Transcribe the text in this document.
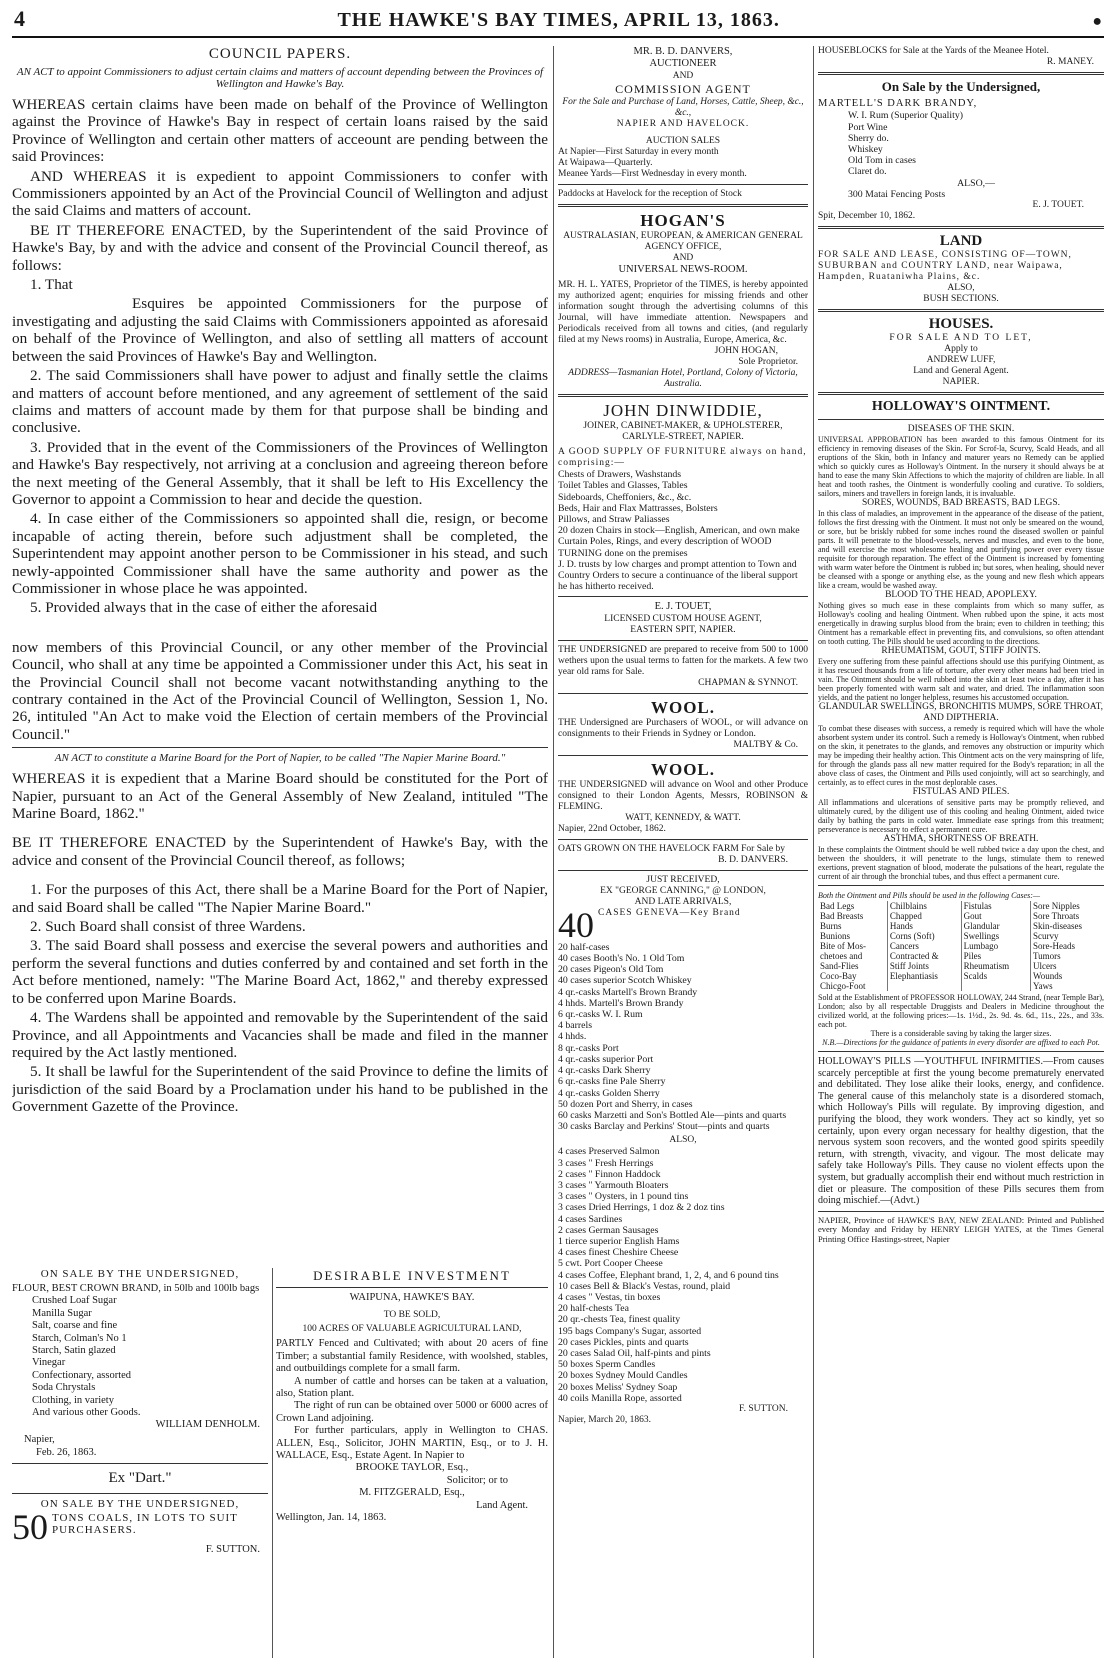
4	THE HAWKE'S BAY TIMES, APRIL 13, 1863.	●
COUNCIL PAPERS.
AN ACT to appoint Commissioners to adjust certain claims and matters of account depending between the Provinces of Wellington and Hawke's Bay.
WHEREAS certain claims have been made on behalf of the Province of Wellington against the Province of Hawke's Bay in respect of certain loans raised by the said Province of Wellington and certain other matters of acceount are pending between the said Provinces:
AND WHEREAS it is expedient to appoint Commissioners to confer with Commissioners appointed by an Act of the Provincial Council of Wellington and adjust the said Claims and matters of account.
BE IT THEREFORE ENACTED, by the Superintendent of the said Province of Hawke's Bay, by and with the advice and consent of the Provincial Council thereof, as follows:
1. That
Esquires be appointed Commissioners for the purpose of investigating and adjusting the said Claims with Commissioners appointed as aforesaid on behalf of the Province of Wellington, and also of settling all matters of account between the said Provinces of Hawke's Bay and Wellington.
2. The said Commissioners shall have power to adjust and finally settle the claims and matters of account before mentioned, and any agreement of settlement of the said claims and matters of account made by them for that purpose shall be binding and conclusive.
3. Provided that in the event of the Commissioners of the Provinces of Wellington and Hawke's Bay respectively, not arriving at a conclusion and agreeing thereon before the next meeting of the General Assembly, that it shall be left to His Excellency the Governor to appoint a Commission to hear and decide the question.
4. In case either of the Commissioners so appointed shall die, resign, or become incapable of acting therein, before such adjustment shall be completed, the Superintendent may appoint another person to be Commissioner in his stead, and such newly-appointed Commissioner shall have the same authority and power as the Commissioner in whose place he was appointed.
5. Provided always that in the case of either the aforesaid
now members of this Provincial Council, or any other member of the Provincial Council, who shall at any time be appointed a Commissioner under this Act, his seat in the Provincial Council shall not become vacant notwithstanding anything to the contrary contained in the Act of the Provincial Council of Wellington, Session 1, No. 26, intituled "An Act to make void the Election of certain members of the Provincial Council."
AN ACT to constitute a Marine Board for the Port of Napier, to be called "The Napier Marine Board."
WHEREAS it is expedient that a Marine Board should be constituted for the Port of Napier, pursuant to an Act of the General Assembly of New Zealand, intituled "The Marine Board, 1862."
BE IT THEREFORE ENACTED by the Superintendent of Hawke's Bay, with the advice and consent of the Provincial Council thereof, as follows;
1. For the purposes of this Act, there shall be a Marine Board for the Port of Napier, and said Board shall be called "The Napier Marine Board."
2. Such Board shall consist of three Wardens.
3. The said Board shall possess and exercise the several powers and authorities and perform the several functions and duties conferred by and contained and set forth in the Act before mentioned, namely: "The Marine Board Act, 1862," and thereby expressed to be conferred upon Marine Boards.
4. The Wardens shall be appointed and removable by the Superintendent of the said Province, and all Appointments and Vacancies shall be made and filed in the manner required by the Act lastly mentioned.
5. It shall be lawful for the Superintendent of the said Province to define the limits of jurisdiction of the said Board by a Proclamation under his hand to be published in the Government Gazette of the Province.
ON SALE BY THE UNDERSIGNED,
FLOUR, BEST CROWN BRAND, in 50lb and 100lb bags
Crushed Loaf Sugar
Manilla Sugar
Salt, coarse and fine
Starch, Colman's No 1
Starch, Satin glazed
Vinegar
Confectionary, assorted
Soda Chrystals
Clothing, in variety
And various other Goods.
WILLIAM DENHOLM.
Napier,
Feb. 26, 1863.
Ex "Dart."
ON SALE BY THE UNDERSIGNED,
50 TONS COALS, IN LOTS TO SUIT PURCHASERS.
F. SUTTON.
DESIRABLE INVESTMENT
WAIPUNA, HAWKE'S BAY.
TO BE SOLD,
100 ACRES OF VALUABLE AGRICULTURAL LAND,
PARTLY Fenced and Cultivated; with about 20 acers of fine Timber; a substantial family Residence, with woolshed, stables, and outbuildings complete for a small farm.
A number of cattle and horses can be taken at a valuation, also, Station plant.
The right of run can be obtained over 5000 or 6000 acres of Crown Land adjoining.
For further particulars, apply in Wellington to CHAS. ALLEN, Esq., Solicitor, JOHN MARTIN, Esq., or to J. H. WALLACE, Esq., Estate Agent. In Napier to
BROOKE TAYLOR, Esq.,
Solicitor; or to
M. FITZGERALD, Esq.,
Land Agent.
Wellington, Jan. 14, 1863.
MR. B. D. DANVERS,
AUCTIONEER
AND
COMMISSION AGENT
For the Sale and Purchase of Land, Horses, Cattle, Sheep, &c., &c.,
NAPIER AND HAVELOCK.
AUCTION SALES
At Napier—First Saturday in every month
At Waipawa—Quarterly.
Meanee Yards—First Wednesday in every month.
Paddocks at Havelock for the reception of Stock
HOGAN'S
AUSTRALASIAN, EUROPEAN, & AMERICAN GENERAL AGENCY OFFICE,
AND
UNIVERSAL NEWS-ROOM.
MR. H. L. YATES, Proprietor of the TIMES, is hereby appointed my authorized agent; enquiries for missing friends and other information sought through the advertising columns of this Journal, will have immediate attention. Newspapers and Periodicals received from all towns and cities, (and regularly filed at my News rooms) in Australia, Europe, America, &c.
JOHN HOGAN,
Sole Proprietor.
ADDRESS—Tasmanian Hotel, Portland, Colony of Victoria, Australia.
JOHN DINWIDDIE,
JOINER, CABINET-MAKER, & UPHOLSTERER,
CARLYLE-STREET, NAPIER.
A GOOD SUPPLY OF FURNITURE always on hand, comprising:—
Chests of Drawers, Washstands
Toilet Tables and Glasses, Tables
Sideboards, Cheffoniers, &c., &c.
Beds, Hair and Flax Mattrasses, Bolsters
Pillows, and Straw Paliasses
20 dozen Chairs in stock—English, American, and own make
Curtain Poles, Rings, and every description of WOOD TURNING done on the premises
J. D. trusts by low charges and prompt attention to Town and Country Orders to secure a continuance of the liberal support he has hitherto received.
E. J. TOUET,
LICENSED CUSTOM HOUSE AGENT,
EASTERN SPIT, NAPIER.
THE UNDERSIGNED are prepared to receive from 500 to 1000 wethers upon the usual terms to fatten for the markets. A few two year old rams for Sale.
CHAPMAN & SYNNOT.
WOOL.
THE Undersigned are Purchasers of WOOL, or will advance on consignments to their Friends in Sydney or London.
MALTBY & Co.
WOOL.
THE UNDERSIGNED will advance on Wool and other Produce consigned to their London Agents, Messrs, ROBINSON & FLEMING.
WATT, KENNEDY, & WATT.
Napier, 22nd October, 1862.
OATS GROWN ON THE HAVELOCK FARM For Sale by
B. D. DANVERS.
JUST RECEIVED,
EX "GEORGE CANNING," @ LONDON,
AND LATE ARRIVALS,
40 CASES GENEVA—Key Brand
20 half-cases
40 cases Booth's No. 1 Old Tom
20 cases Pigeon's Old Tom
40 cases superior Scotch Whiskey
4 qr.-casks Martell's Brown Brandy
4 hhds. Martell's Brown Brandy
6 qr.-casks W. I. Rum
4 barrels
4 hhds.
8 qr.-casks Port
4 qr.-casks superior Port
4 qr.-casks Dark Sherry
6 qr.-casks fine Pale Sherry
4 qr.-casks Golden Sherry
50 dozen Port and Sherry, in cases
60 casks Marzetti and Son's Bottled Ale—pints and quarts
30 casks Barclay and Perkins' Stout—pints and quarts
ALSO,
4 cases Preserved Salmon
3 cases " Fresh Herrings
2 cases " Finnon Haddock
3 cases " Yarmouth Bloaters
3 cases " Oysters, in 1 pound tins
3 cases Dried Herrings, 1 doz & 2 doz tins
4 cases Sardines
2 cases German Sausages
1 tierce superior English Hams
4 cases finest Cheshire Cheese
5 cwt. Port Cooper Cheese
4 cases Coffee, Elephant brand, 1, 2, 4, and 6 pound tins
10 cases Bell & Black's Vestas, round, plaid
4 cases " Vestas, tin boxes
20 half-chests Tea
20 qr.-chests Tea, finest quality
195 bags Company's Sugar, assorted
20 cases Pickles, pints and quarts
20 cases Salad Oil, half-pints and pints
50 boxes Sperm Candles
20 boxes Sydney Mould Candles
20 boxes Meliss' Sydney Soap
40 coils Manilla Rope, assorted
F. SUTTON.
Napier, March 20, 1863.
HOUSEBLOCKS for Sale at the Yards of the Meanee Hotel.
R. MANEY.
On Sale by the Undersigned,
MARTELL'S DARK BRANDY,
W. I. Rum (Superior Quality)
Port Wine
Sherry do.
Whiskey
Old Tom in cases
Claret do.
ALSO,—
300 Matai Fencing Posts
E. J. TOUET.
Spit, December 10, 1862.
LAND
FOR SALE AND LEASE, CONSISTING OF—TOWN, SUBURBAN and COUNTRY LAND, near Waipawa, Hampden, Ruataniwha Plains, &c.
ALSO,
BUSH SECTIONS.
HOUSES.
FOR SALE AND TO LET,
Apply to
ANDREW LUFF,
Land and General Agent.
NAPIER.
HOLLOWAY'S OINTMENT.
DISEASES OF THE SKIN.
UNIVERSAL APPROBATION has been awarded to this famous Ointment for its efficiency in removing diseases of the Skin. For Scrof-la, Scurvy, Scald Heads, and all eruptions of the Skin, both in Infancy and maturer years no Remedy can be applied which so quickly cures as Holloway's Ointment. In the nursery it should always be at hand to ease the many Skin Affections to which the majority of children are liable. In all heat and tooth rashes, the Ointment is wonderfully cooling and curative. To soldiers, sailors, miners and travellers in foreign lands, it is invaluable.
SORES, WOUNDS, BAD BREASTS, BAD LEGS.
In this class of maladies, an improvement in the appearance of the disease of the patient, follows the first dressing with the Ointment. It must not only be smeared on the wound, or sore, but be briskly rubbed for some inches round the diseased swollen or painful parts. It will penetrate to the blood-vessels, nerves and muscles, and even to the bone, and will exercise the most wholesome healing and purifying power over every tissue requisite for thorough reparation. The effect of the Ointment is increased by fomenting with warm water before the Ointment is rubbed in; but sores, when healing, should never be cleansed with a sponge or anything else, as the young and new flesh which appears like a cream, would be washed away.
BLOOD TO THE HEAD, APOPLEXY.
Nothing gives so much ease in these complaints from which so many suffer, as Holloway's cooling and healing Ointment. When rubbed upon the spine, it acts most energetically in drawing surplus blood from the brain; even to children in teething; this Ointment has a remarkable effect in preventing fits, and convulsions, so often attendant on tooth cutting. The Pills should be used according to the directions.
RHEUMATISM, GOUT, STIFF JOINTS.
Every one suffering from these painful affections should use this purifying Ointment, as it has rescued thousands from a life of torture, after every other means had been tried in vain. The Ointment should be well rubbed into the skin at least twice a day, after it has been properly fomented with warm salt and water, and dried. The inflammation soon yields, and the patient no longer helpless, resumes his accustomed occupation.
GLANDULAR SWELLINGS, BRONCHITIS MUMPS, SORE THROAT, AND DIPTHERIA.
To combat these diseases with success, a remedy is required which will have the whole absorbent system under its control. Such a remedy is Holloway's Ointment, when rubbed on the skin, it penetrates to the glands, and removes any obstruction or impurity which may be impeding their healthy action. This Ointment acts on the very mainspring of life, for through the glands pass all new matter required for the Body's reparation; in all the above class of cases, the Ointment and Pills used conjointly, will act so searchingly, and certainly, as to effect cures in the most deplorable cases.
FISTULAS AND PILES.
All inflammations and ulcerations of sensitive parts may be promptly relieved, and ultimately cured, by the diligent use of this cooling and healing Ointment, aided twice daily by bathing the parts in cold water. Immediate ease springs from this treatment; perseverance is necessary to effect a permanent cure.
ASTHMA, SHORTNESS OF BREATH.
In these complaints the Ointment should be well rubbed twice a day upon the chest, and between the shoulders, it will penetrate to the lungs, stimulate them to renewed exertions, prevent stagnation of blood, moderate the pulsations of the heart, regulate the current of air through the bronchial tubes, and thus effect a permanent cure.
Both the Ointment and Pills should be used in the following Cases:—
Bad Legs	Chilblains	Fistulas	Sore Nipples
Bad Breasts	Chapped	Gout	Sore Throats
Burns	Hands	Glandular	Skin-diseases
Bunions	Corns (Soft)	Swellings	Scurvy
Bite of Mos-	Cancers	Lumbago	Sore-Heads
chetoes and	Contracted &	Piles	Tumors
Sand-Flies	Stiff Joints	Rheumatism	Ulcers
Coco-Bay	Elephantiasis	Scalds	Wounds
Chicgo-Foot			Yaws
Sold at the Establishment of PROFESSOR HOLLOWAY, 244 Strand, (near Temple Bar), London; also by all respectable Druggists and Dealers in Medicine throughout the civilized world, at the following prices:—1s. 1½d., 2s. 9d. 4s. 6d., 11s., 22s., and 33s. each pot.
There is a considerable saving by taking the larger sizes.
N.B.—Directions for the guidance of patients in every disorder are affixed to each Pot.
HOLLOWAY'S PILLS —YOUTHFUL INFIRMITIES.—From causes scarcely perceptible at first the young become prematurely enervated and debilitated. They lose alike their looks, energy, and confidence. The general cause of this melancholy state is a disordered stomach, which Holloway's Pills will regulate. By improving digestion, and purifying the blood, they work wonders. They act so kindly, yet so certainly, upon every organ necessary for healthy digestion, that the nervous system soon recovers, and the wonted good spirits speedily return, with strength, vivacity, and vigour. The most delicate may safely take Holloway's Pills. They cause no violent effects upon the system, but gradually accomplish their end without much restriction in diet or pleasure. The composition of these Pills secures them from doing mischief.—(Advt.)
NAPIER, Province of HAWKE'S BAY, NEW ZEALAND: Printed and Published every Monday and Friday by HENRY LEIGH YATES, at the Times General Printing Office Hastings-street, Napier
